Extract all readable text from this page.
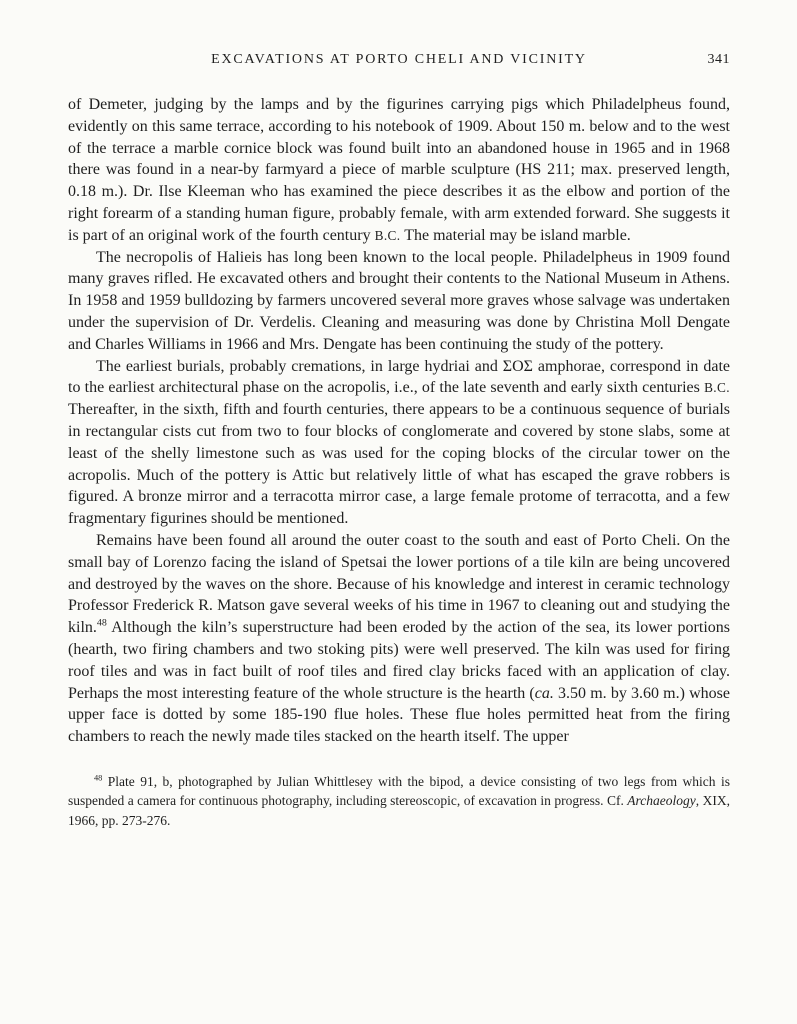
EXCAVATIONS AT PORTO CHELI AND VICINITY	341

of Demeter, judging by the lamps and by the figurines carrying pigs which Philadelpheus found, evidently on this same terrace, according to his notebook of 1909. About 150 m. below and to the west of the terrace a marble cornice block was found built into an abandoned house in 1965 and in 1968 there was found in a near-by farmyard a piece of marble sculpture (HS 211; max. preserved length, 0.18 m.). Dr. Ilse Kleeman who has examined the piece describes it as the elbow and portion of the right forearm of a standing human figure, probably female, with arm extended forward. She suggests it is part of an original work of the fourth century B.C. The material may be island marble.

The necropolis of Halieis has long been known to the local people. Philadelpheus in 1909 found many graves rifled. He excavated others and brought their contents to the National Museum in Athens. In 1958 and 1959 bulldozing by farmers uncovered several more graves whose salvage was undertaken under the supervision of Dr. Verdelis. Cleaning and measuring was done by Christina Moll Dengate and Charles Williams in 1966 and Mrs. Dengate has been continuing the study of the pottery.

The earliest burials, probably cremations, in large hydriai and ΣΟΣ amphorae, correspond in date to the earliest architectural phase on the acropolis, i.e., of the late seventh and early sixth centuries B.C. Thereafter, in the sixth, fifth and fourth centuries, there appears to be a continuous sequence of burials in rectangular cists cut from two to four blocks of conglomerate and covered by stone slabs, some at least of the shelly limestone such as was used for the coping blocks of the circular tower on the acropolis. Much of the pottery is Attic but relatively little of what has escaped the grave robbers is figured. A bronze mirror and a terracotta mirror case, a large female protome of terracotta, and a few fragmentary figurines should be mentioned.

Remains have been found all around the outer coast to the south and east of Porto Cheli. On the small bay of Lorenzo facing the island of Spetsai the lower portions of a tile kiln are being uncovered and destroyed by the waves on the shore. Because of his knowledge and interest in ceramic technology Professor Frederick R. Matson gave several weeks of his time in 1967 to cleaning out and studying the kiln.$^{48}$ Although the kiln’s superstructure had been eroded by the action of the sea, its lower portions (hearth, two firing chambers and two stoking pits) were well preserved. The kiln was used for firing roof tiles and was in fact built of roof tiles and fired clay bricks faced with an application of clay. Perhaps the most interesting feature of the whole structure is the hearth (ca. 3.50 m. by 3.60 m.) whose upper face is dotted by some 185-190 flue holes. These flue holes permitted heat from the firing chambers to reach the newly made tiles stacked on the hearth itself. The upper

$^{48}$ Plate 91, b, photographed by Julian Whittlesey with the bipod, a device consisting of two legs from which is suspended a camera for continuous photography, including stereoscopic, of excavation in progress. Cf. Archaeology, XIX, 1966, pp. 273-276.
